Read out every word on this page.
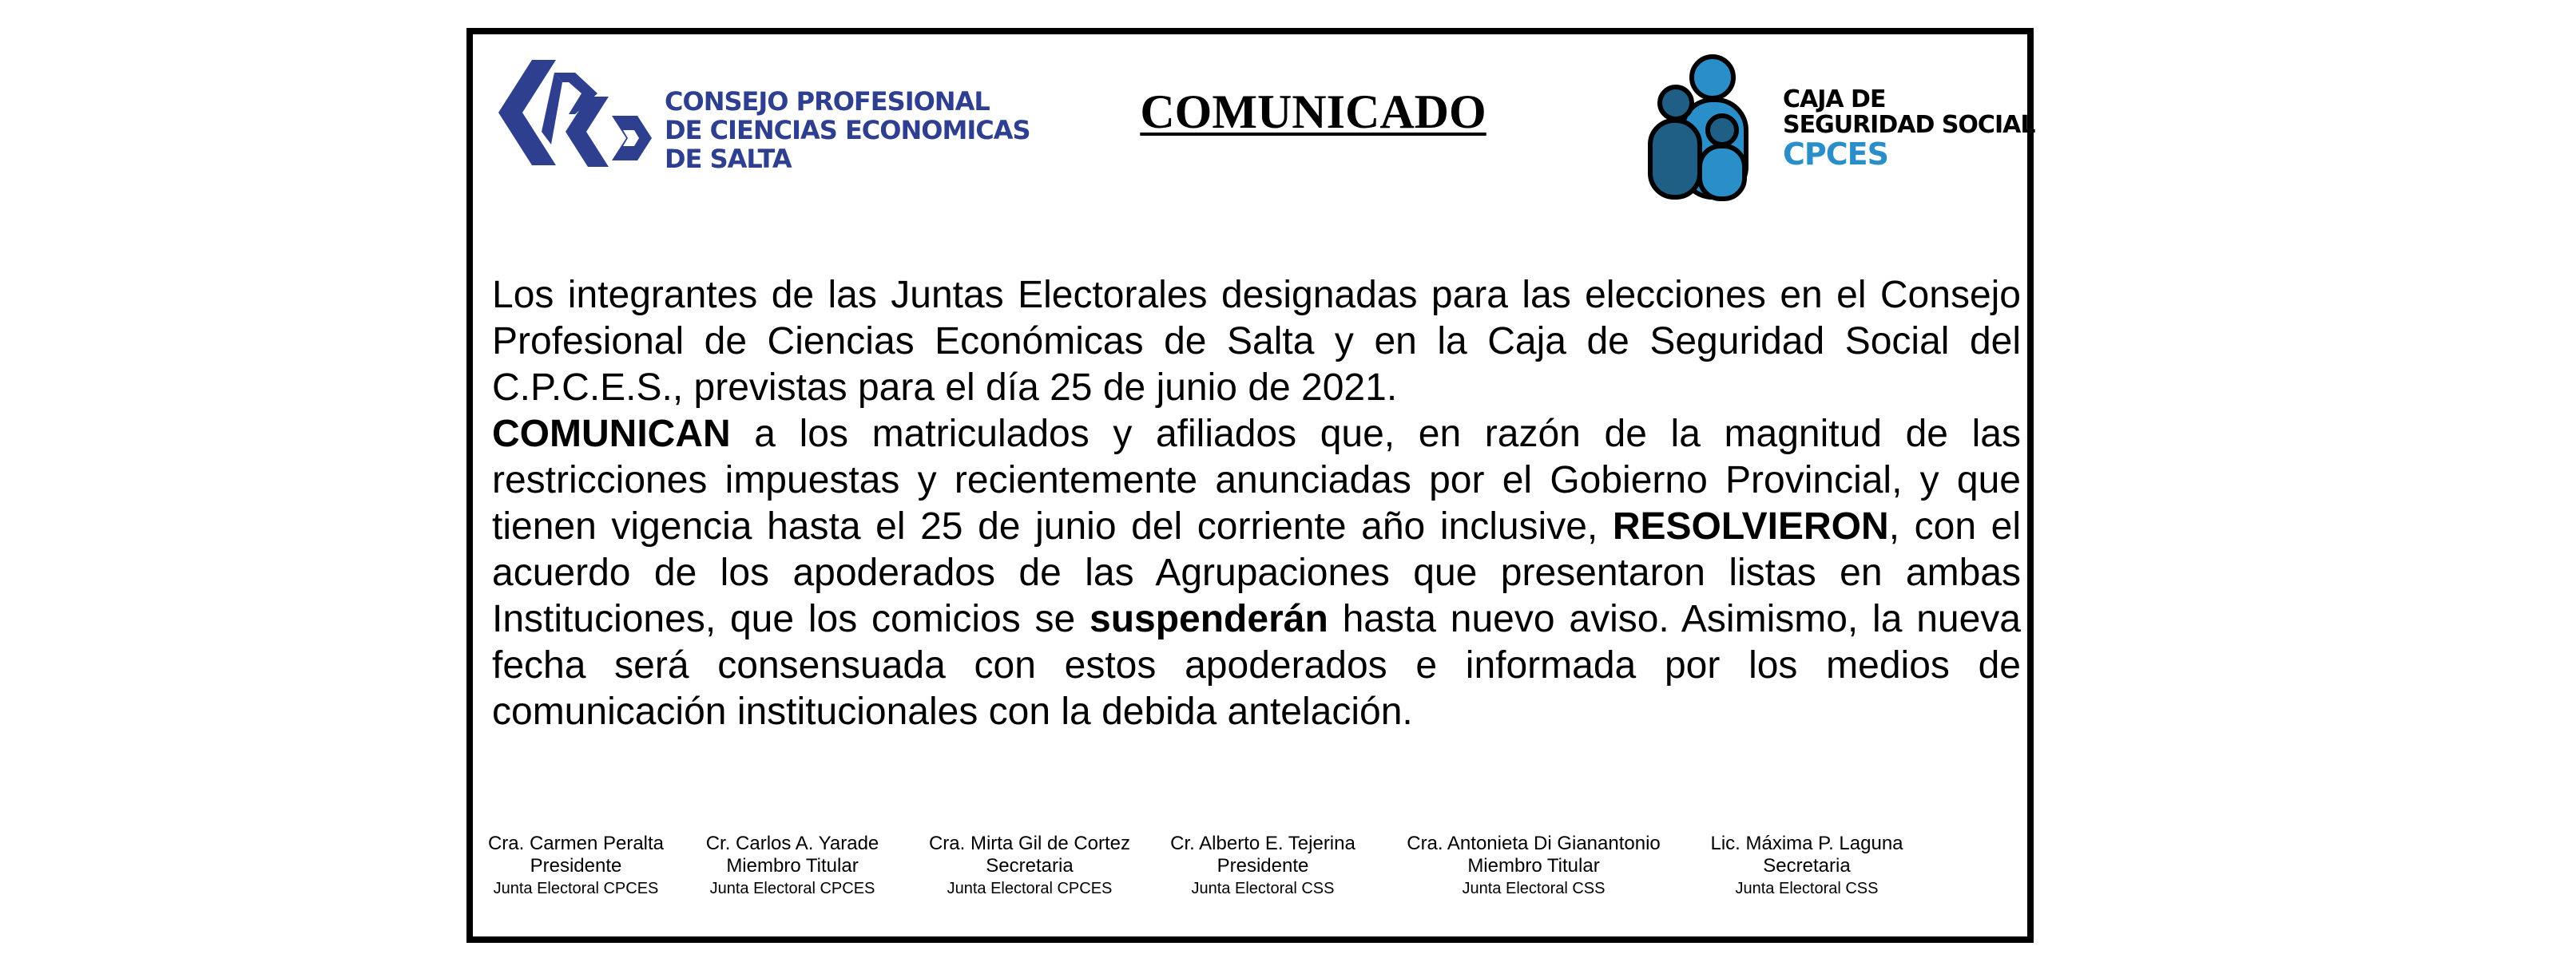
CONSEJO PROFESIONAL
DE CIENCIAS ECONOMICAS
DE SALTA
COMUNICADO	CAJA DE
SEGURIDAD SOCIAL
CPCES

Los integrantes de las Juntas Electorales designadas para las elecciones en el Consejo Profesional de Ciencias Económicas de Salta y en la Caja de Seguridad Social del C.P.C.E.S., previstas para el día 25 de junio de 2021.

COMUNICAN a los matriculados y afiliados que, en razón de la magnitud de las restricciones impuestas y recientemente anunciadas por el Gobierno Provincial, y que tienen vigencia hasta el 25 de junio del corriente año inclusive, RESOLVIERON, con el acuerdo de los apoderados de las Agrupaciones que presentaron listas en ambas Instituciones, que los comicios se suspenderán hasta nuevo aviso. Asimismo, la nueva fecha será consensuada con estos apoderados e informada por los medios de comunicación institucionales con la debida antelación.

Cra. Carmen Peralta
Presidente
Junta Electoral CPCES
Cr. Carlos A. Yarade
Miembro Titular
Junta Electoral CPCES
Cra. Mirta Gil de Cortez
Secretaria
Junta Electoral CPCES
Cr. Alberto E. Tejerina
Presidente
Junta Electoral CSS
Cra. Antonieta Di Gianantonio
Miembro Titular
Junta Electoral CSS
Lic. Máxima P. Laguna
Secretaria
Junta Electoral CSS
